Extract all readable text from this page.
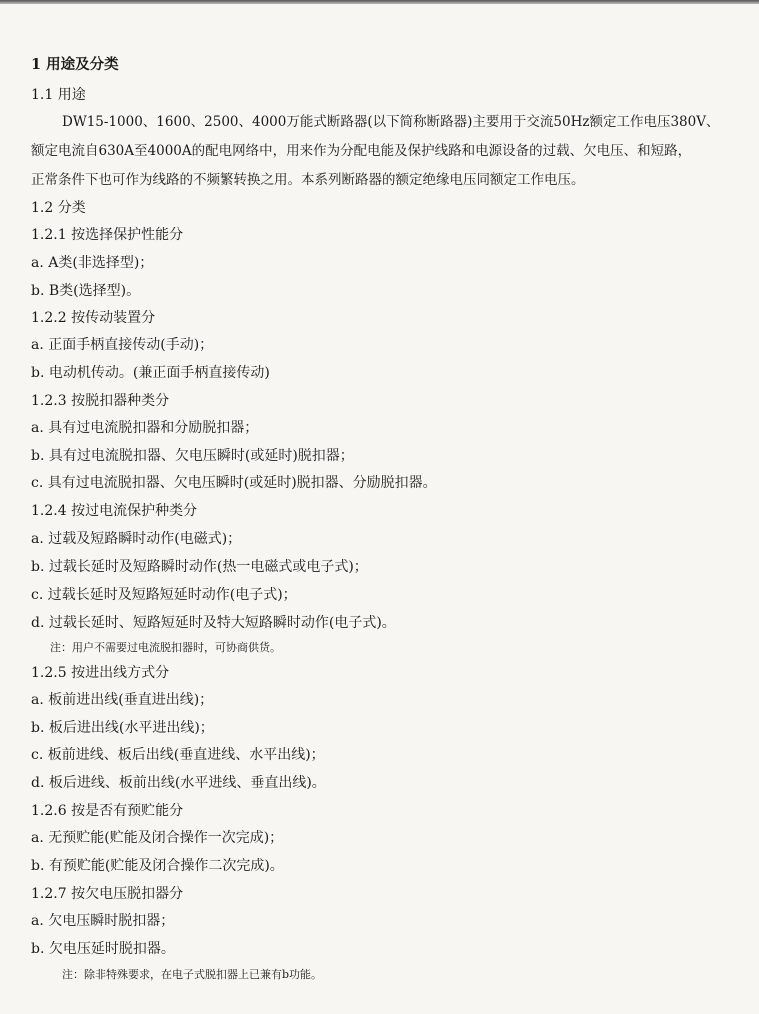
1 用途及分类
1.1 用途
DW15-1000、1600、2500、4000万能式断路器(以下简称断路器)主要用于交流50Hz额定工作电压380V、
额定电流自630A至4000A的配电网络中，用来作为分配电能及保护线路和电源设备的过载、欠电压、和短路，
正常条件下也可作为线路的不频繁转换之用。本系列断路器的额定绝缘电压同额定工作电压。
1.2 分类
1.2.1 按选择保护性能分
a. A类(非选择型)；
b. B类(选择型)。
1.2.2 按传动装置分
a. 正面手柄直接传动(手动)；
b. 电动机传动。(兼正面手柄直接传动)
1.2.3 按脱扣器种类分
a. 具有过电流脱扣器和分励脱扣器；
b. 具有过电流脱扣器、欠电压瞬时(或延时)脱扣器；
c. 具有过电流脱扣器、欠电压瞬时(或延时)脱扣器、分励脱扣器。
1.2.4 按过电流保护种类分
a. 过载及短路瞬时动作(电磁式)；
b. 过载长延时及短路瞬时动作(热一电磁式或电子式)；
c. 过载长延时及短路短延时动作(电子式)；
d. 过载长延时、短路短延时及特大短路瞬时动作(电子式)。
注：用户不需要过电流脱扣器时，可协商供货。
1.2.5 按进出线方式分
a. 板前进出线(垂直进出线)；
b. 板后进出线(水平进出线)；
c. 板前进线、板后出线(垂直进线、水平出线)；
d. 板后进线、板前出线(水平进线、垂直出线)。
1.2.6 按是否有预贮能分
a. 无预贮能(贮能及闭合操作一次完成)；
b. 有预贮能(贮能及闭合操作二次完成)。
1.2.7 按欠电压脱扣器分
a. 欠电压瞬时脱扣器；
b. 欠电压延时脱扣器。
注：除非特殊要求，在电子式脱扣器上已兼有b功能。
